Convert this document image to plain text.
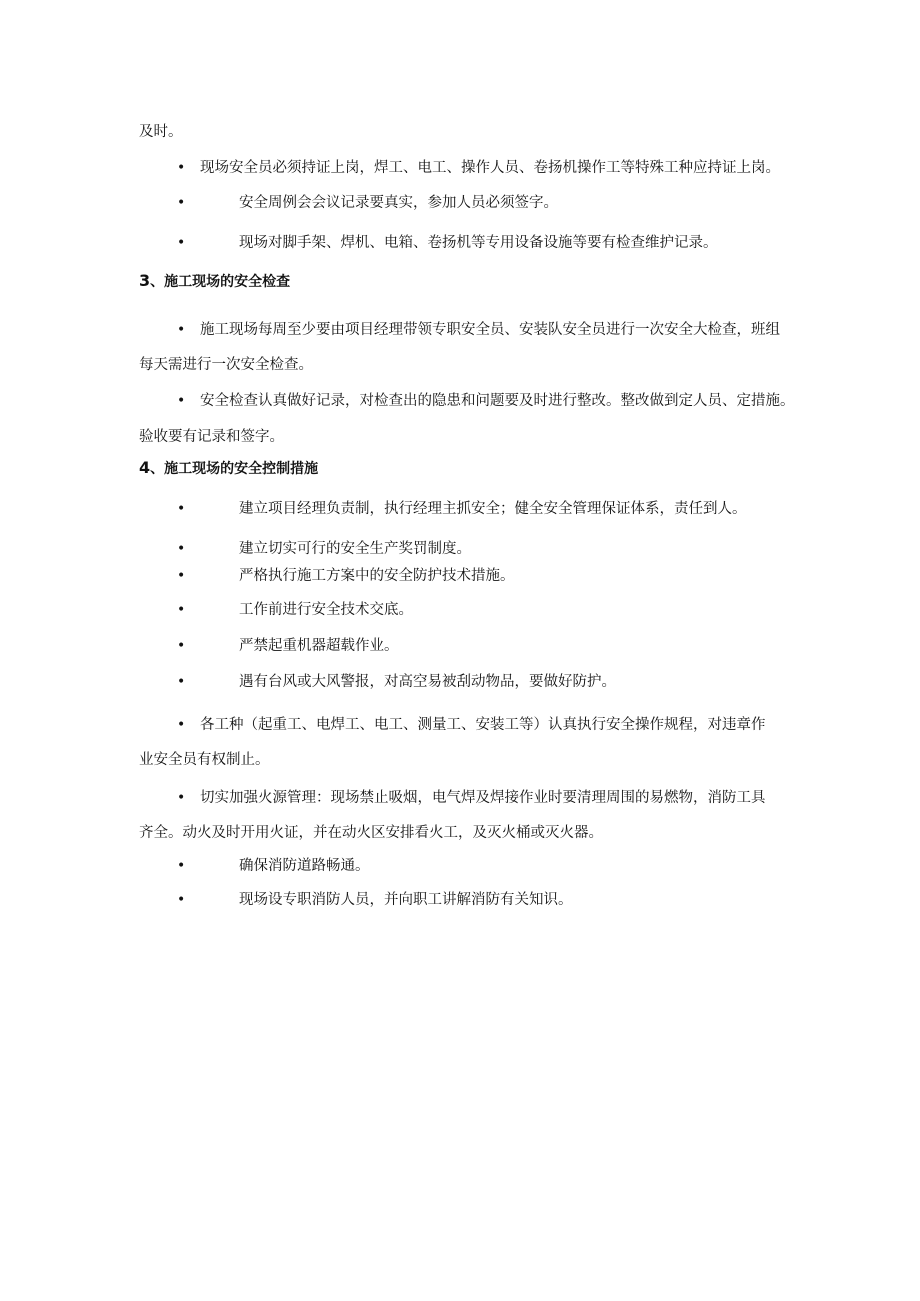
及时。
• 现场安全员必须持证上岗，焊工、电工、操作人员、卷扬机操作工等特殊工种应持证上岗。
•	安全周例会会议记录要真实，参加人员必须签字。
•	现场对脚手架、焊机、电箱、卷扬机等专用设备设施等要有检查维护记录。
3、施工现场的安全检查
• 施工现场每周至少要由项目经理带领专职安全员、安装队安全员进行一次安全大检查，班组
每天需进行一次安全检查。
• 安全检查认真做好记录，对检查出的隐患和问题要及时进行整改。整改做到定人员、定措施。
验收要有记录和签字。
4、施工现场的安全控制措施
•	建立项目经理负责制，执行经理主抓安全；健全安全管理保证体系，责任到人。
•	建立切实可行的安全生产奖罚制度。
•	严格执行施工方案中的安全防护技术措施。
•	工作前进行安全技术交底。
•	严禁起重机器超载作业。
•	遇有台风或大风警报，对高空易被刮动物品，要做好防护。
• 各工种（起重工、电焊工、电工、测量工、安装工等）认真执行安全操作规程，对违章作
业安全员有权制止。
• 切实加强火源管理：现场禁止吸烟，电气焊及焊接作业时要清理周围的易燃物，消防工具
齐全。动火及时开用火证，并在动火区安排看火工，及灭火桶或灭火器。
•	确保消防道路畅通。
•	现场设专职消防人员，并向职工讲解消防有关知识。
